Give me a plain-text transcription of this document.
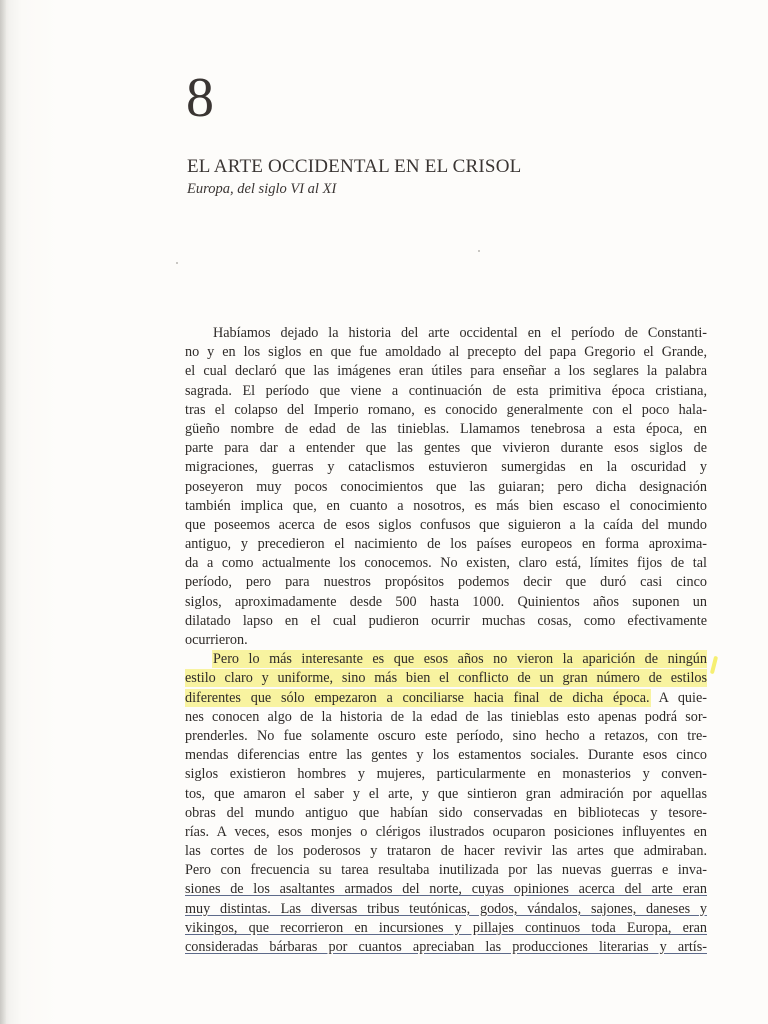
8
EL ARTE OCCIDENTAL EN EL CRISOL
Europa, del siglo VI al XI
Habíamos dejado la historia del arte occidental en el período de Constanti-
no y en los siglos en que fue amoldado al precepto del papa Gregorio el Grande,
el cual declaró que las imágenes eran útiles para enseñar a los seglares la palabra
sagrada. El período que viene a continuación de esta primitiva época cristiana,
tras el colapso del Imperio romano, es conocido generalmente con el poco hala-
güeño nombre de edad de las tinieblas. Llamamos tenebrosa a esta época, en
parte para dar a entender que las gentes que vivieron durante esos siglos de
migraciones, guerras y cataclismos estuvieron sumergidas en la oscuridad y
poseyeron muy pocos conocimientos que las guiaran; pero dicha designación
también implica que, en cuanto a nosotros, es más bien escaso el conocimiento
que poseemos acerca de esos siglos confusos que siguieron a la caída del mundo
antiguo, y precedieron el nacimiento de los países europeos en forma aproxima-
da a como actualmente los conocemos. No existen, claro está, límites fijos de tal
período, pero para nuestros propósitos podemos decir que duró casi cinco
siglos, aproximadamente desde 500 hasta 1000. Quinientos años suponen un
dilatado lapso en el cual pudieron ocurrir muchas cosas, como efectivamente
ocurrieron.
Pero lo más interesante es que esos años no vieron la aparición de ningún
estilo claro y uniforme, sino más bien el conflicto de un gran número de estilos
diferentes que sólo empezaron a conciliarse hacia final de dicha época. A quie-
nes conocen algo de la historia de la edad de las tinieblas esto apenas podrá sor-
prenderles. No fue solamente oscuro este período, sino hecho a retazos, con tre-
mendas diferencias entre las gentes y los estamentos sociales. Durante esos cinco
siglos existieron hombres y mujeres, particularmente en monasterios y conven-
tos, que amaron el saber y el arte, y que sintieron gran admiración por aquellas
obras del mundo antiguo que habían sido conservadas en bibliotecas y tesore-
rías. A veces, esos monjes o clérigos ilustrados ocuparon posiciones influyentes en
las cortes de los poderosos y trataron de hacer revivir las artes que admiraban.
Pero con frecuencia su tarea resultaba inutilizada por las nuevas guerras e inva-
siones de los asaltantes armados del norte, cuyas opiniones acerca del arte eran
muy distintas. Las diversas tribus teutónicas, godos, vándalos, sajones, daneses y
vikingos, que recorrieron en incursiones y pillajes continuos toda Europa, eran
consideradas bárbaras por cuantos apreciaban las producciones literarias y artís-
